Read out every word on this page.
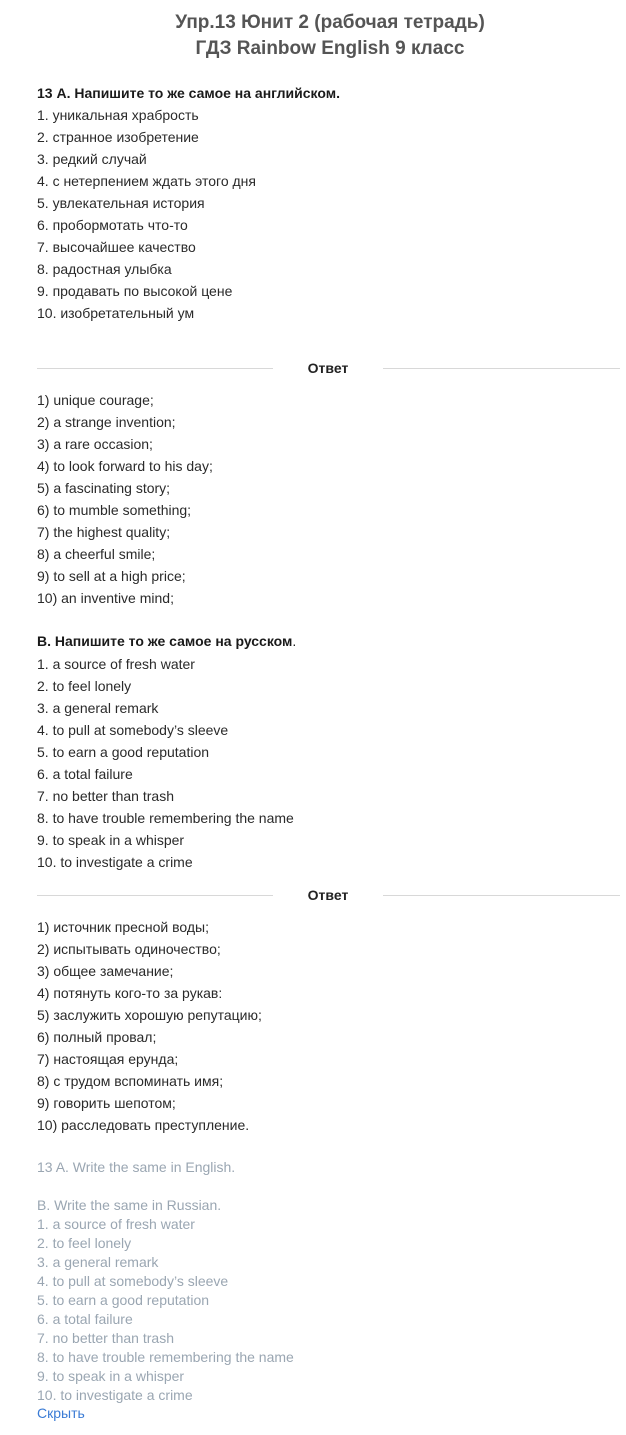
Упр.13 Юнит 2 (рабочая тетрадь)
ГДЗ Rainbow English 9 класс
13 А. Напишите то же самое на английском.
1. уникальная храбрость
2. странное изобретение
3. редкий случай
4. с нетерпением ждать этого дня
5. увлекательная история
6. пробормотать что-то
7. высочайшее качество
8. радостная улыбка
9. продавать по высокой цене
10. изобретательный ум
Ответ
1) unique courage;
2) a strange invention;
3) a rare occasion;
4) to look forward to his day;
5) a fascinating story;
6) to mumble something;
7) the highest quality;
8) a cheerful smile;
9) to sell at a high price;
10) an inventive mind;
В. Напишите то же самое на русском.
1. a source of fresh water
2. to feel lonely
3. a general remark
4. to pull at somebody’s sleeve
5. to earn a good reputation
6. a total failure
7. no better than trash
8. to have trouble remembering the name
9. to speak in a whisper
10. to investigate a crime
Ответ
1) источник пресной воды;
2) испытывать одиночество;
3) общее замечание;
4) потянуть кого-то за рукав:
5) заслужить хорошую репутацию;
6) полный провал;
7) настоящая ерунда;
8) с трудом вспоминать имя;
9) говорить шепотом;
10) расследовать преступление.
13 A. Write the same in English.
B. Write the same in Russian.
1. a source of fresh water
2. to feel lonely
3. a general remark
4. to pull at somebody’s sleeve
5. to earn a good reputation
6. a total failure
7. no better than trash
8. to have trouble remembering the name
9. to speak in a whisper
10. to investigate a crime
Скрыть
